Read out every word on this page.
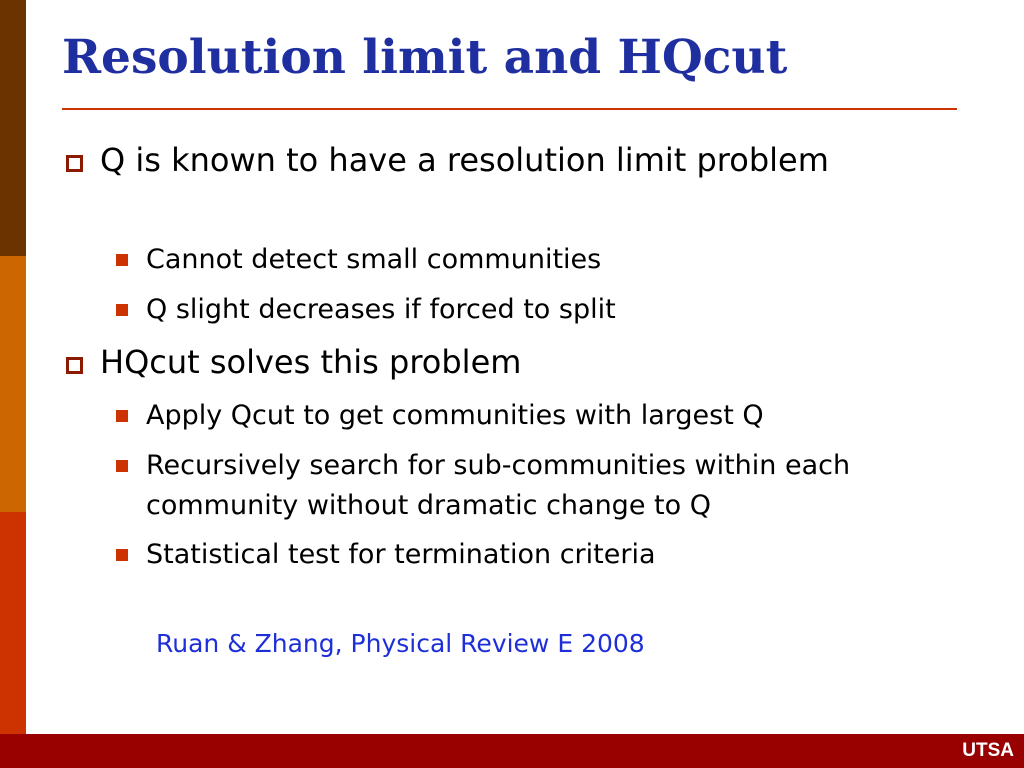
Resolution limit and HQcut
Q is known to have a resolution limit problem
Cannot detect small communities
Q slight decreases if forced to split
HQcut solves this problem
Apply Qcut to get communities with largest Q
Recursively search for sub-communities within each community without dramatic change to Q
Statistical test for termination criteria
Ruan & Zhang, Physical Review E 2008
UTSA
